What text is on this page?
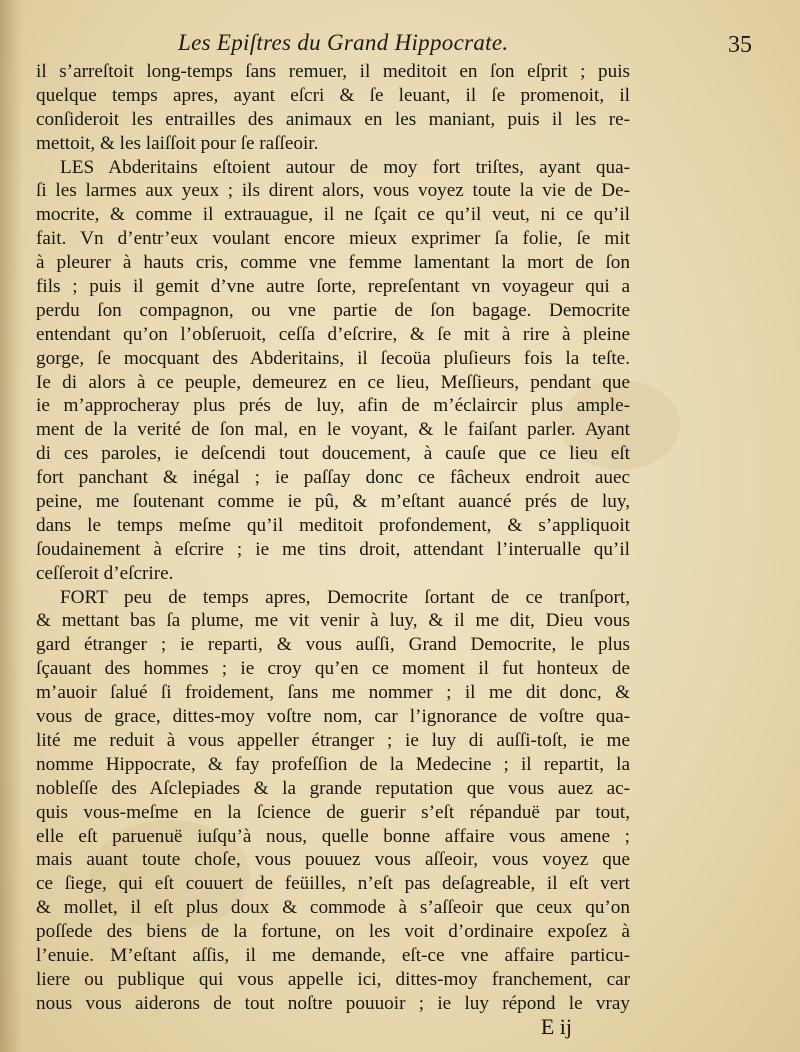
Les Epiſtres du Grand Hippocrate.	35
il s’arreſtoit long-temps ſans remuer, il meditoit en ſon eſprit ; puis
quelque temps apres, ayant eſcri & ſe leuant, il ſe promenoit, il
conſideroit les entrailles des animaux en les maniant, puis il les re-
mettoit, & les laiſſoit pour ſe raſſeoir.
LES Abderitains eſtoient autour de moy fort triſtes, ayant qua-
ſi les larmes aux yeux ; ils dirent alors, vous voyez toute la vie de De-
mocrite, & comme il extrauague, il ne ſçait ce qu’il veut, ni ce qu’il
fait. Vn d’entr’eux voulant encore mieux exprimer ſa folie, ſe mit
à pleurer à hauts cris, comme vne femme lamentant la mort de ſon
fils ; puis il gemit d’vne autre ſorte, repreſentant vn voyageur qui a
perdu ſon compagnon, ou vne partie de ſon bagage. Democrite
entendant qu’on l’obſeruoit, ceſſa d’eſcrire, & ſe mit à rire à pleine
gorge, ſe mocquant des Abderitains, il ſecoüa pluſieurs fois la teſte.
Ie di alors à ce peuple, demeurez en ce lieu, Meſſieurs, pendant que
ie m’approcheray plus prés de luy, afin de m’éclaircir plus ample-
ment de la verité de ſon mal, en le voyant, & le faiſant parler. Ayant
di ces paroles, ie deſcendi tout doucement, à cauſe que ce lieu eſt
fort panchant & inégal ; ie paſſay donc ce fâcheux endroit auec
peine, me ſoutenant comme ie pû, & m’eſtant auancé prés de luy,
dans le temps meſme qu’il meditoit profondement, & s’appliquoit
ſoudainement à eſcrire ; ie me tins droit, attendant l’interualle qu’il
ceſſeroit d’eſcrire.
FORT peu de temps apres, Democrite ſortant de ce tranſport,
& mettant bas ſa plume, me vit venir à luy, & il me dit, Dieu vous
gard étranger ; ie reparti, & vous auſſi, Grand Democrite, le plus
ſçauant des hommes ; ie croy qu’en ce moment il fut honteux de
m’auoir ſalué ſi froidement, ſans me nommer ; il me dit donc, &
vous de grace, dittes-moy voſtre nom, car l’ignorance de voſtre qua-
lité me reduit à vous appeller étranger ; ie luy di auſſi-toſt, ie me
nomme Hippocrate, & fay profeſſion de la Medecine ; il repartit, la
nobleſſe des Aſclepiades & la grande reputation que vous auez ac-
quis vous-meſme en la ſcience de guerir s’eſt répanduë par tout,
elle eſt paruenuë iuſqu’à nous, quelle bonne affaire vous amene ;
mais auant toute choſe, vous pouuez vous aſſeoir, vous voyez que
ce ſiege, qui eſt couuert de feüilles, n’eſt pas deſagreable, il eſt vert
& mollet, il eſt plus doux & commode à s’aſſeoir que ceux qu’on
poſſede des biens de la fortune, on les voit d’ordinaire expoſez à
l’enuie. M’eſtant aſſis, il me demande, eſt-ce vne affaire particu-
liere ou publique qui vous appelle ici, dittes-moy franchement, car
nous vous aiderons de tout noſtre pouuoir ; ie luy répond le vray
E ij
